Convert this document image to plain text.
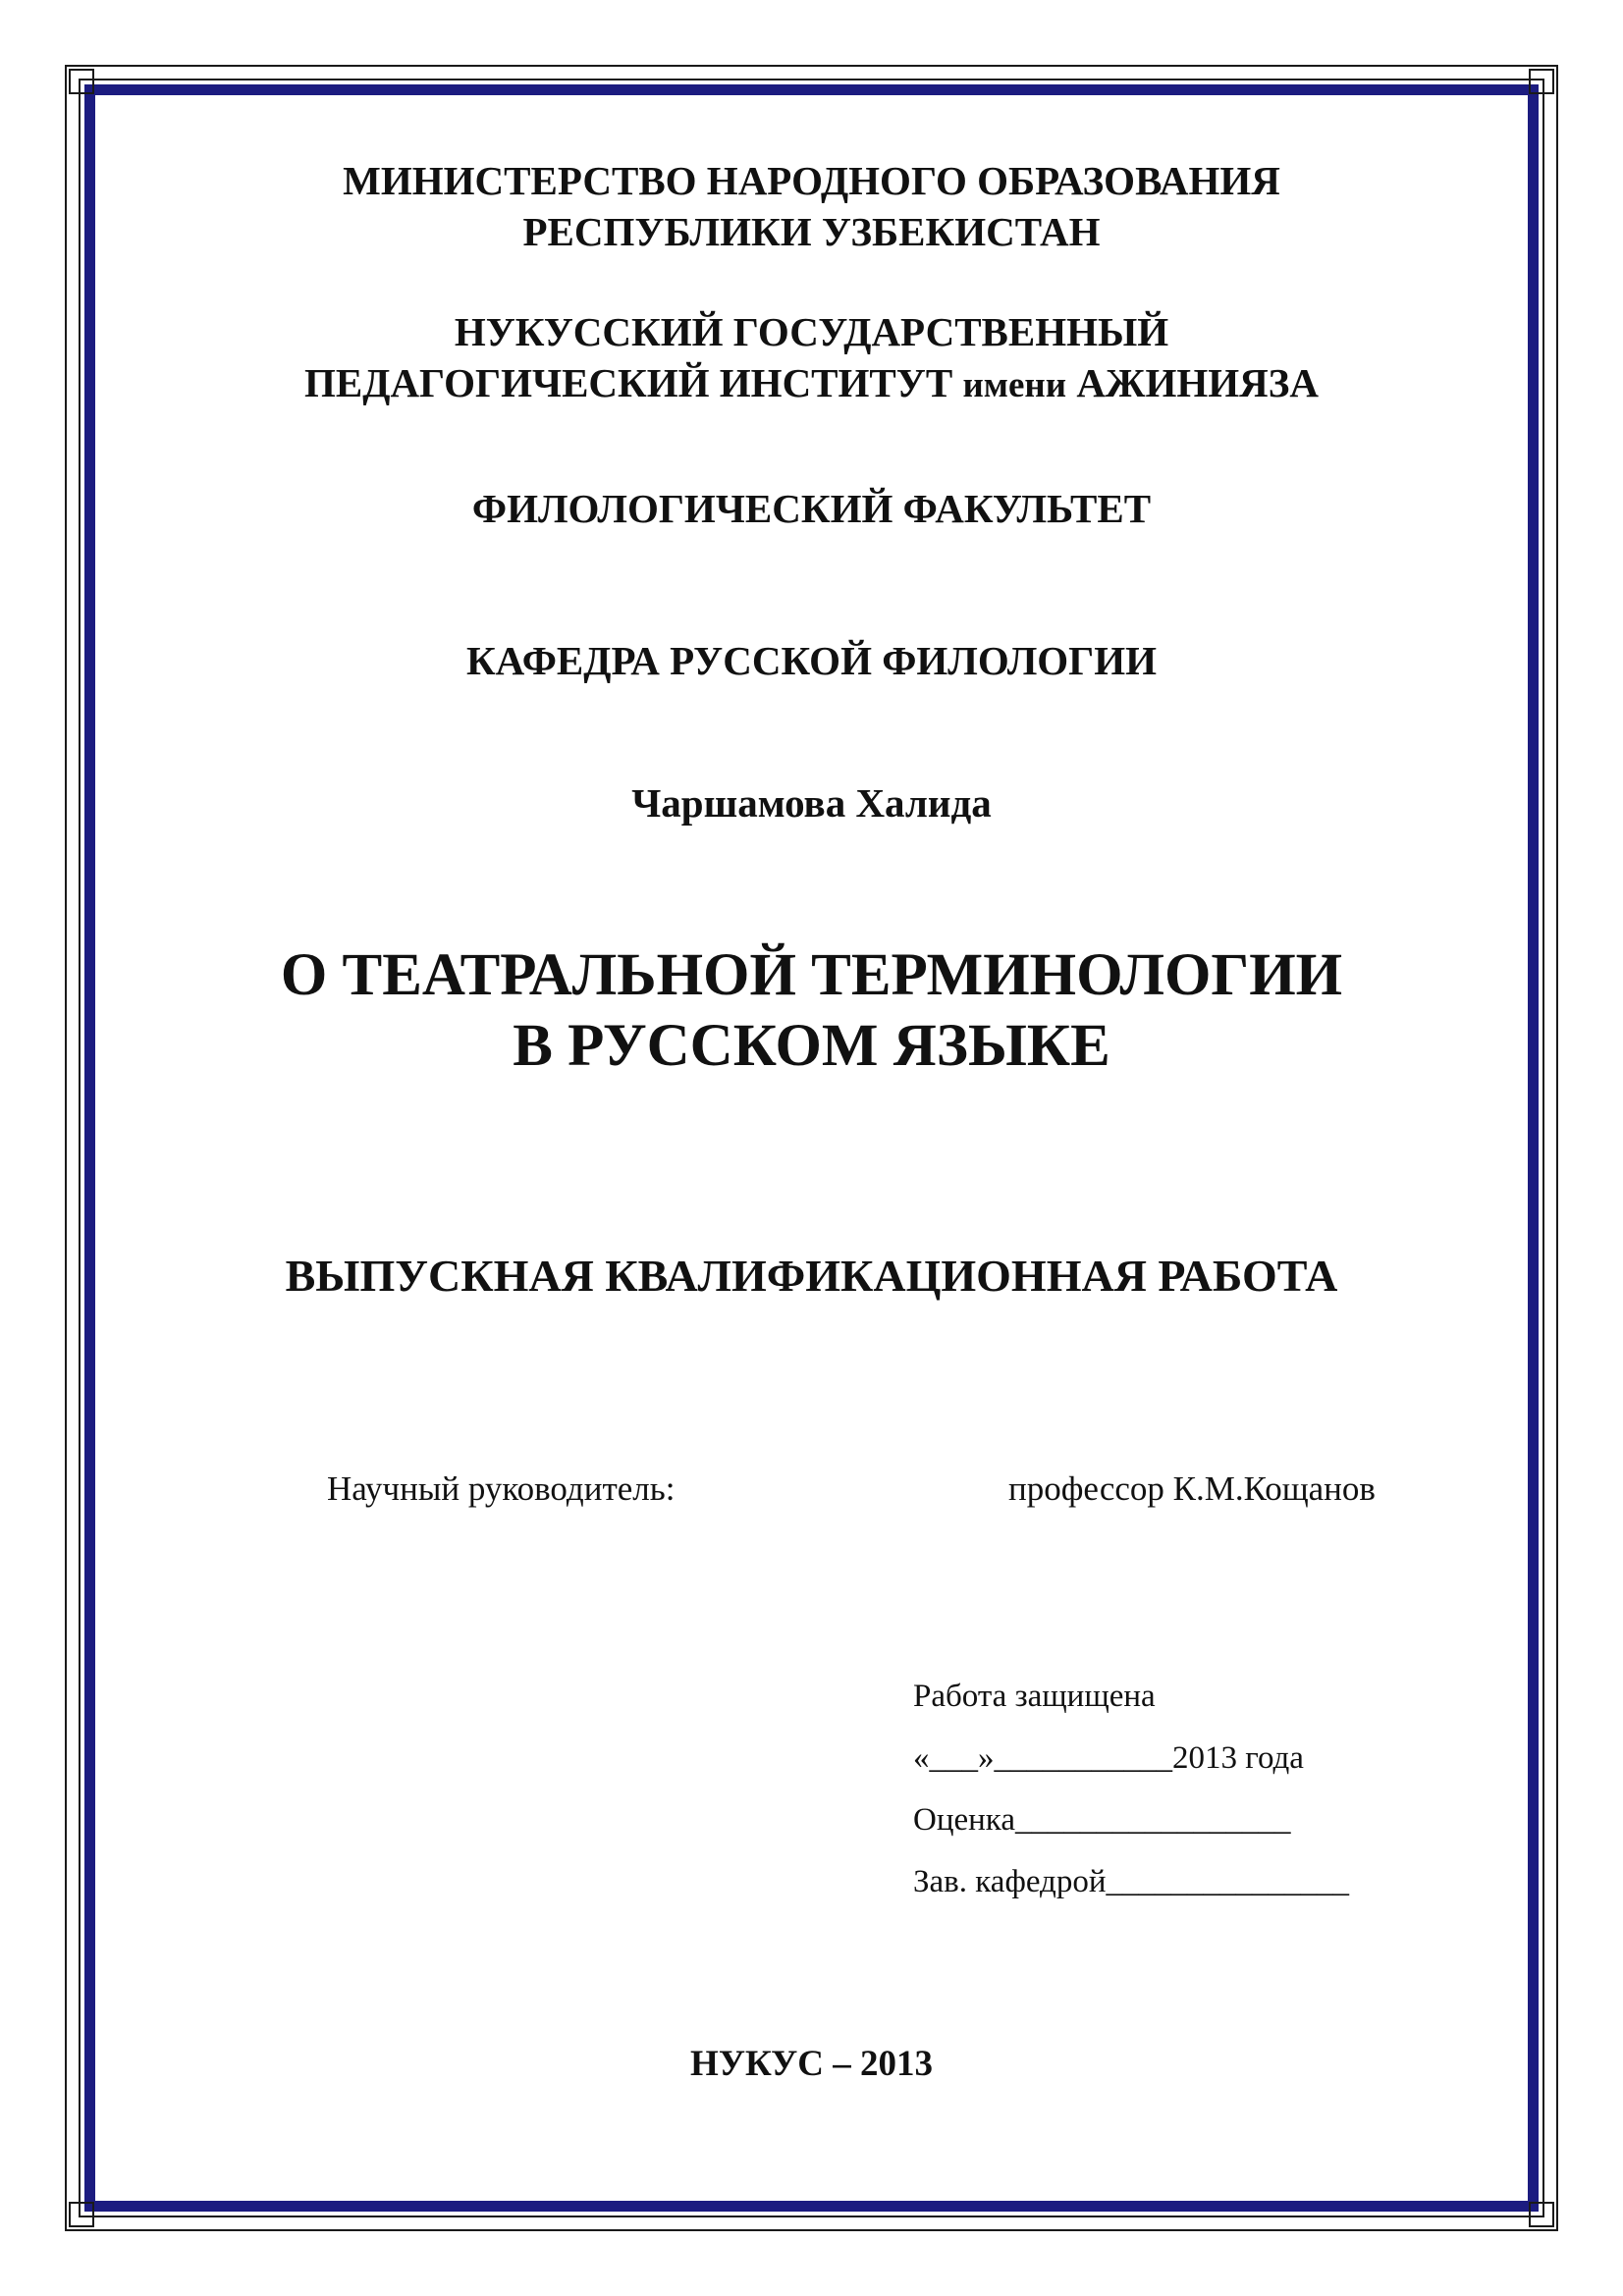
МИНИСТЕРСТВО НАРОДНОГО ОБРАЗОВАНИЯ
РЕСПУБЛИКИ УЗБЕКИСТАН
НУКУССКИЙ ГОСУДАРСТВЕННЫЙ
ПЕДАГОГИЧЕСКИЙ ИНСТИТУТ имени АЖИНИЯЗА
ФИЛОЛОГИЧЕСКИЙ ФАКУЛЬТЕТ
КАФЕДРА РУССКОЙ ФИЛОЛОГИИ
Чаршамова Халида
О ТЕАТРАЛЬНОЙ ТЕРМИНОЛОГИИ
В РУССКОМ ЯЗЫКЕ
ВЫПУСКНАЯ КВАЛИФИКАЦИОННАЯ РАБОТА
Научный руководитель:	профессор К.М.Кощанов
Работа защищена
«___»___________2013 года
Оценка_________________
Зав. кафедрой_______________
НУКУС – 2013
